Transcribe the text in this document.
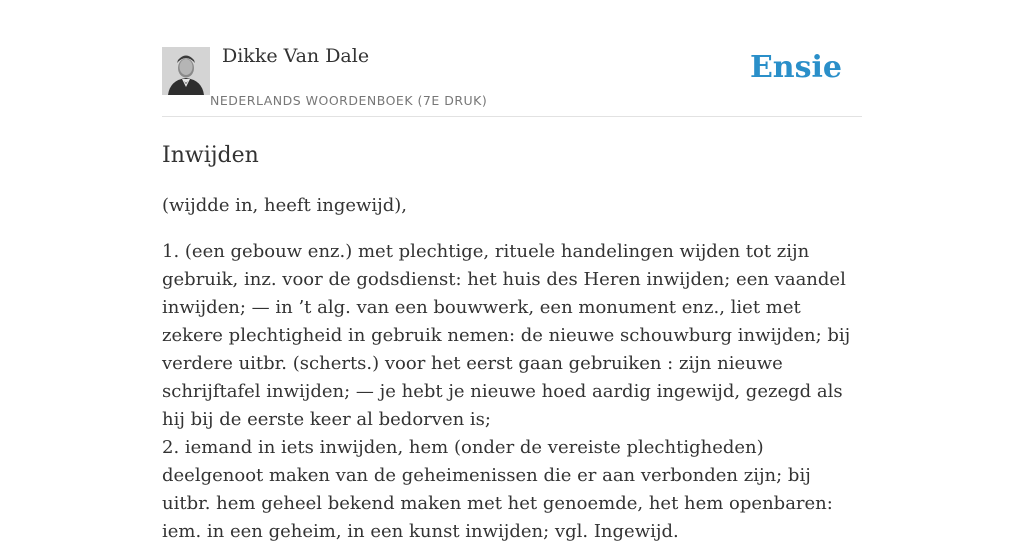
Dikke Van Dale
NEDERLANDS WOORDENBOEK (7E DRUK)
Ensie
Inwijden

(wijdde in, heeft ingewijd),

1. (een gebouw enz.) met plechtige, rituele handelingen wijden tot zijn gebruik, inz. voor de godsdienst: het huis des Heren inwijden; een vaandel inwijden; — in ’t alg. van een bouwwerk, een monument enz., liet met zekere plechtigheid in gebruik nemen: de nieuwe schouwburg inwijden; bij verdere uitbr. (scherts.) voor het eerst gaan gebruiken : zijn nieuwe schrijftafel inwijden; — je hebt je nieuwe hoed aardig ingewijd, gezegd als hij bij de eerste keer al bedorven is;
2. iemand in iets inwijden, hem (onder de vereiste plechtigheden) deelgenoot maken van de geheimenissen die er aan verbonden zijn; bij uitbr. hem geheel bekend maken met het genoemde, het hem openbaren: iem. in een geheim, in een kunst inwijden; vgl. Ingewijd.
